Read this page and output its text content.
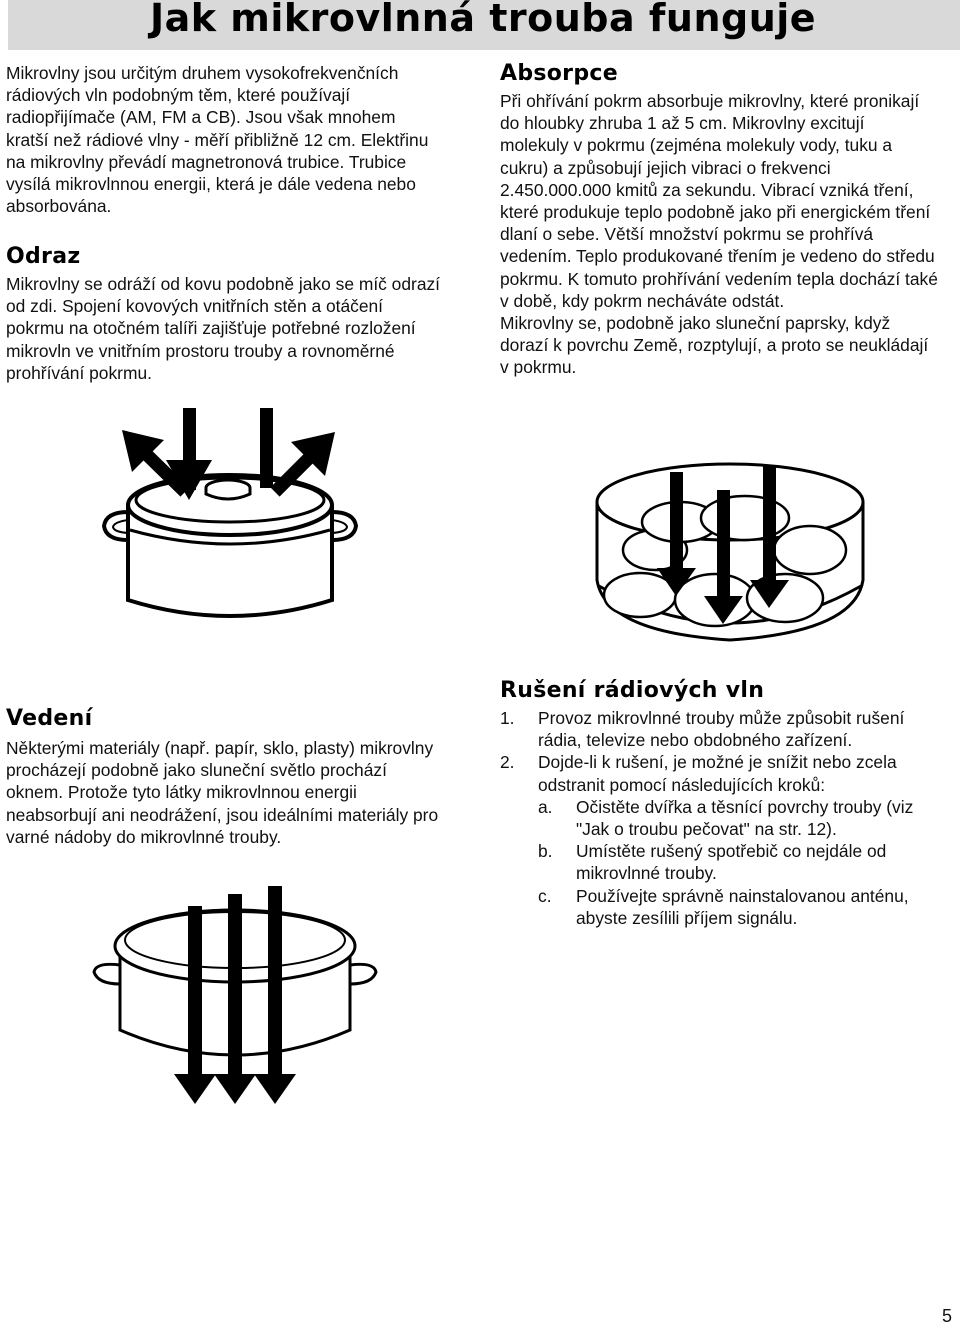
Jak mikrovlnná trouba funguje

Mikrovlny jsou určitým druhem vysokofrekvenčních

rádiových vln podobným těm, které používají

radiopřijímače (AM, FM a CB). Jsou však mnohem

kratší než rádiové vlny - měří přibližně 12 cm. Elektřinu

na mikrovlny převádí magnetronová trubice. Trubice

vysílá mikrovlnnou energii, která je dále vedena nebo

absorbována.

Odraz

Mikrovlny se odráží od kovu podobně jako se míč odrazí

od zdi. Spojení kovových vnitřních stěn a otáčení

pokrmu na otočném talíři zajišťuje potřebné rozložení

mikrovln ve vnitřním prostoru trouby a rovnoměrné

prohřívání pokrmu.

Absorpce

Při ohřívání pokrm absorbuje mikrovlny, které pronikají

do hloubky zhruba 1 až 5 cm. Mikrovlny excitují

molekuly v pokrmu (zejména molekuly vody, tuku a

cukru) a způsobují jejich vibraci o frekvenci

2.450.000.000 kmitů za sekundu. Vibrací vzniká tření,

které produkuje teplo podobně jako při energickém tření

dlaní o sebe. Větší množství pokrmu se prohřívá

vedením. Teplo produkované třením je vedeno do středu

pokrmu. K tomuto prohřívání vedením tepla dochází také

v době, kdy pokrm necháváte odstát.

Mikrovlny se, podobně jako sluneční paprsky, když

dorazí k povrchu Země, rozptylují, a proto se neukládají

v pokrmu.

Vedení

Některými materiály (např. papír, sklo, plasty) mikrovlny

procházejí podobně jako sluneční světlo prochází

oknem. Protože tyto látky mikrovlnnou energii

neabsorbují ani neodrážení, jsou ideálními materiály pro

varné nádoby do mikrovlnné trouby.

Rušení rádiových vln
1. Provoz mikrovlnné trouby může způsobit rušení

rádia, televize nebo obdobného zařízení.

2. Dojde-li k rušení, je možné je snížit nebo zcela

odstranit pomocí následujících kroků:

a. Očistěte dvířka a těsnící povrchy trouby (viz

"Jak o troubu pečovat" na str. 12).

b. Umístěte rušený spotřebič co nejdále od

mikrovlnné trouby.

c. Používejte správně nainstalovanou anténu,

abyste zesílili příjem signálu.

5
